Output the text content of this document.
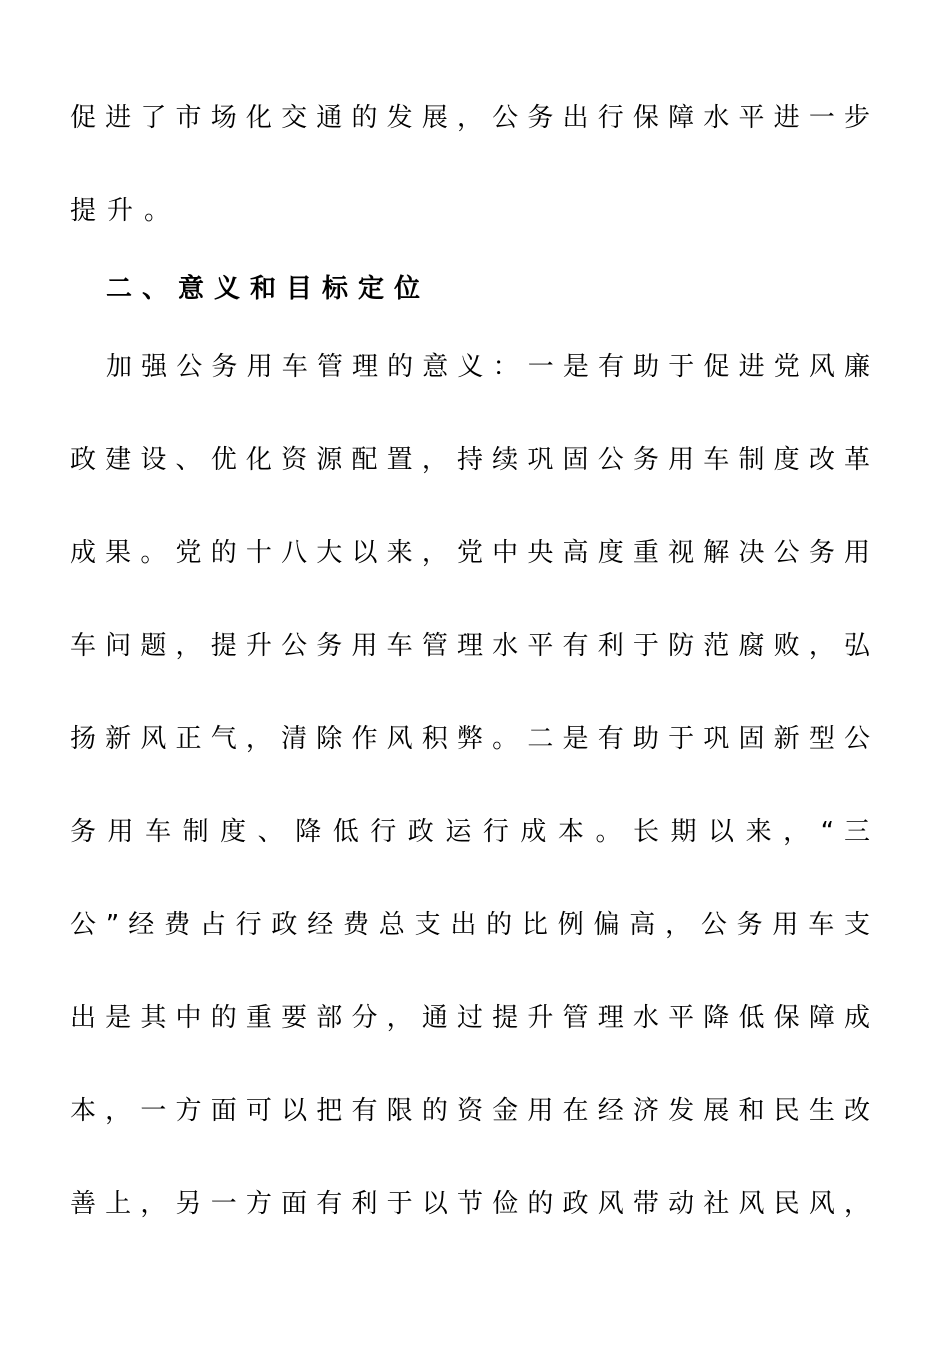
促 进 了 市 场 化 交 通 的 发 展 ， 公 务 出 行 保 障 水 平 进 一 步
提升。
二、意义和目标定位
加 强 公 务 用 车 管 理 的 意 义 ： 一 是 有 助 于 促 进 党 风 廉
政 建 设 、 优 化 资 源 配 置 ， 持 续 巩 固 公 务 用 车 制 度 改 革
成 果 。 党 的 十 八 大 以 来 ， 党 中 央 高 度 重 视 解 决 公 务 用
车 问 题 ， 提 升 公 务 用 车 管 理 水 平 有 利 于 防 范 腐 败 ， 弘
扬 新 风 正 气 ， 清 除 作 风 积 弊 。 二 是 有 助 于 巩 固 新 型 公
务 用 车 制 度 、 降 低 行 政 运 行 成 本 。 长 期 以 来 ， “ 三
公 ” 经 费 占 行 政 经 费 总 支 出 的 比 例 偏 高 ， 公 务 用 车 支
出 是 其 中 的 重 要 部 分 ， 通 过 提 升 管 理 水 平 降 低 保 障 成
本 ， 一 方 面 可 以 把 有 限 的 资 金 用 在 经 济 发 展 和 民 生 改
善 上 ， 另 一 方 面 有 利 于 以 节 俭 的 政 风 带 动 社 风 民 风 ，
